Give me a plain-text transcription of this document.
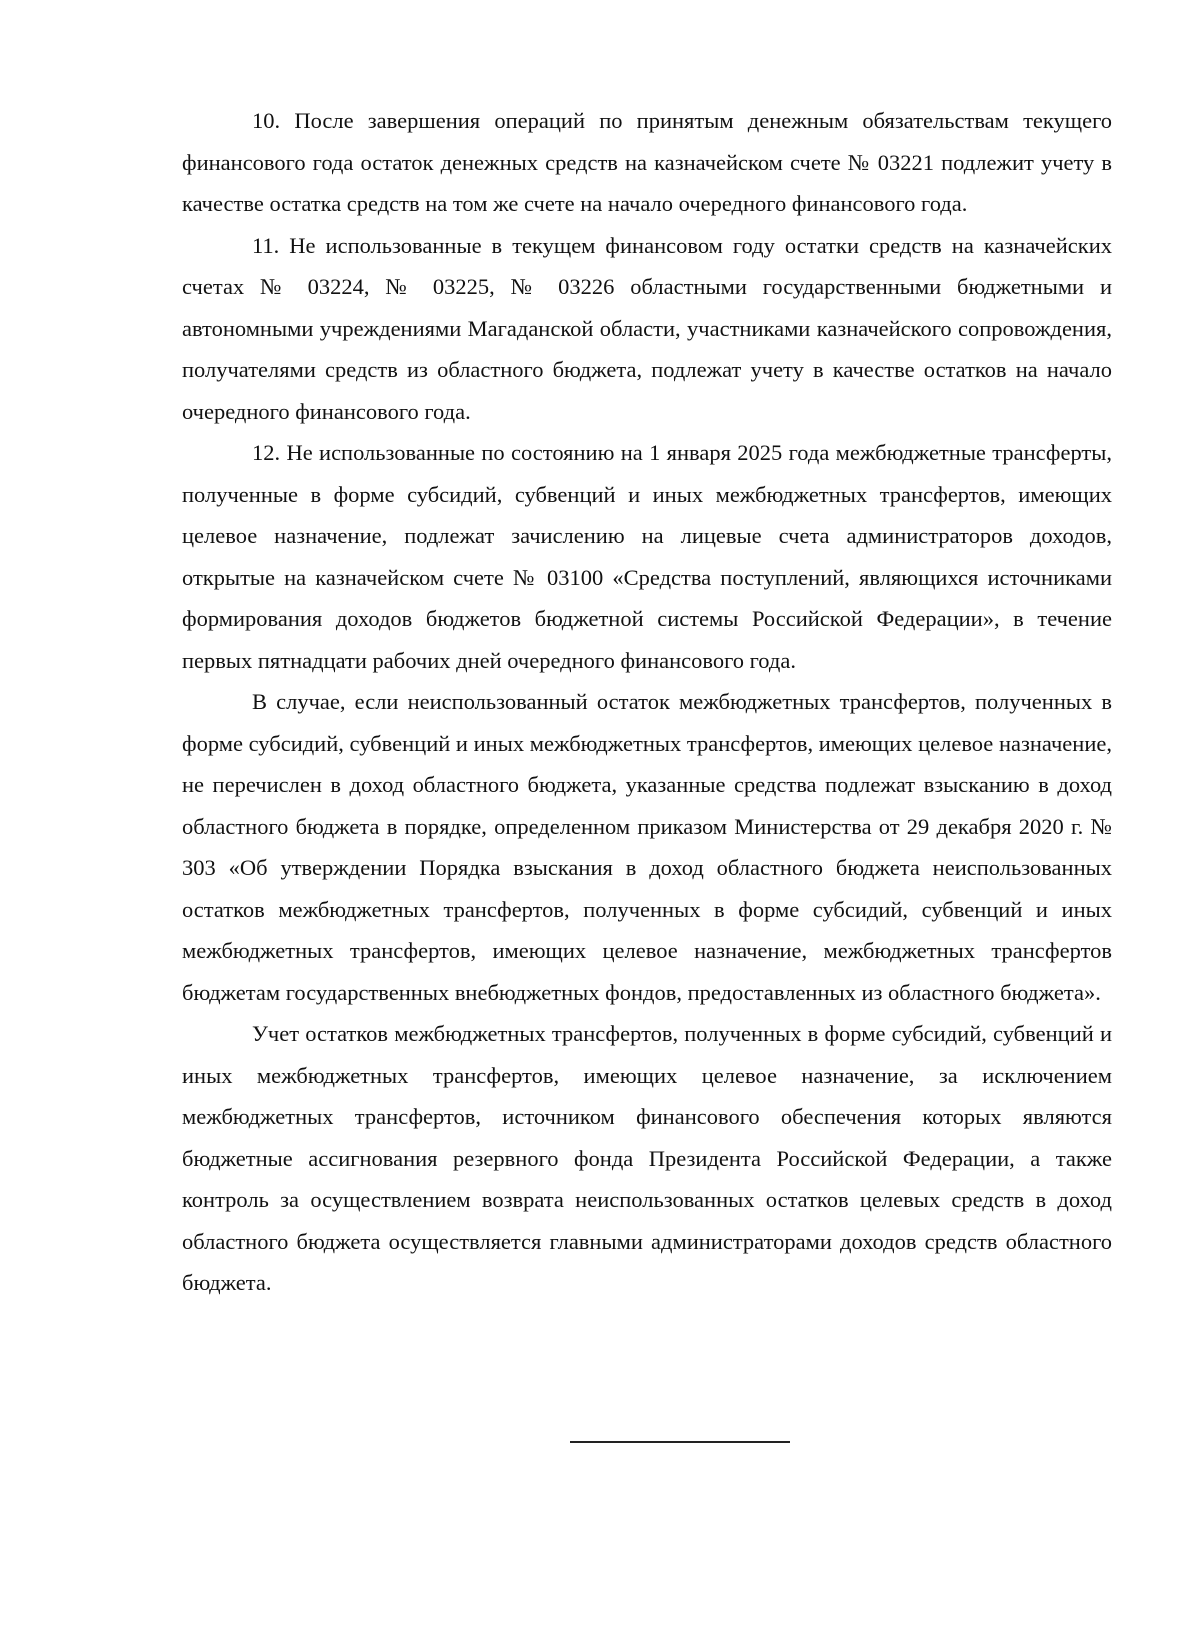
10. После завершения операций по принятым денежным обязательствам текущего финансового года остаток денежных средств на казначейском счете № 03221 подлежит учету в качестве остатка средств на том же счете на начало очередного финансового года.

11. Не использованные в текущем финансовом году остатки средств на казначейских счетах № 03224, № 03225, № 03226 областными государственными бюджетными и автономными учреждениями Магаданской области, участниками казначейского сопровождения, получателями средств из областного бюджета, подлежат учету в качестве остатков на начало очередного финансового года.

12. Не использованные по состоянию на 1 января 2025 года межбюджетные трансферты, полученные в форме субсидий, субвенций и иных межбюджетных трансфертов, имеющих целевое назначение, подлежат зачислению на лицевые счета администраторов доходов, открытые на казначейском счете № 03100 «Средства поступлений, являющихся источниками формирования доходов бюджетов бюджетной системы Российской Федерации», в течение первых пятнадцати рабочих дней очередного финансового года.

В случае, если неиспользованный остаток межбюджетных трансфертов, полученных в форме субсидий, субвенций и иных межбюджетных трансфертов, имеющих целевое назначение, не перечислен в доход областного бюджета, указанные средства подлежат взысканию в доход областного бюджета в порядке, определенном приказом Министерства от 29 декабря 2020 г. № 303 «Об утверждении Порядка взыскания в доход областного бюджета неиспользованных остатков межбюджетных трансфертов, полученных в форме субсидий, субвенций и иных межбюджетных трансфертов, имеющих целевое назначение, межбюджетных трансфертов бюджетам государственных внебюджетных фондов, предоставленных из областного бюджета».

Учет остатков межбюджетных трансфертов, полученных в форме субсидий, субвенций и иных межбюджетных трансфертов, имеющих целевое назначение, за исключением межбюджетных трансфертов, источником финансового обеспечения которых являются бюджетные ассигнования резервного фонда Президента Российской Федерации, а также контроль за осуществлением возврата неиспользованных остатков целевых средств в доход областного бюджета осуществляется главными администраторами доходов средств областного бюджета.
